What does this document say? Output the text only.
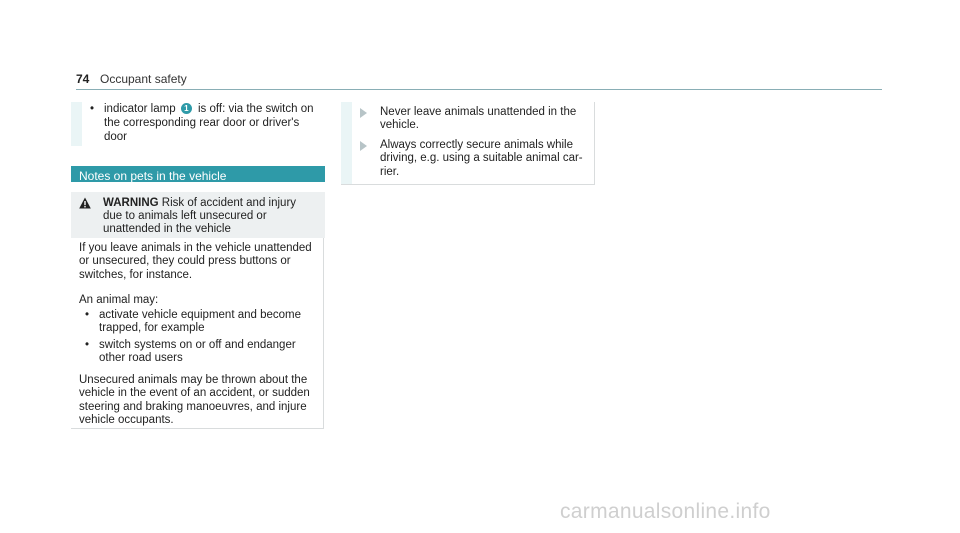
74 Occupant safety
• indicator lamp 1 is off: via the switch on the corresponding rear door or driver's door
Notes on pets in the vehicle
WARNING Risk of accident and injury due to animals left unsecured or unattended in the vehicle
If you leave animals in the vehicle unattended or unsecured, they could press buttons or switches, for instance.
An animal may:
• activate vehicle equipment and become trapped, for example
• switch systems on or off and endanger other road users
Unsecured animals may be thrown about the vehicle in the event of an accident, or sudden steering and braking manoeuvres, and injure vehicle occupants.
Never leave animals unattended in the vehicle.
Always correctly secure animals while driving, e.g. using a suitable animal car-rier.
carmanualsonline.info
